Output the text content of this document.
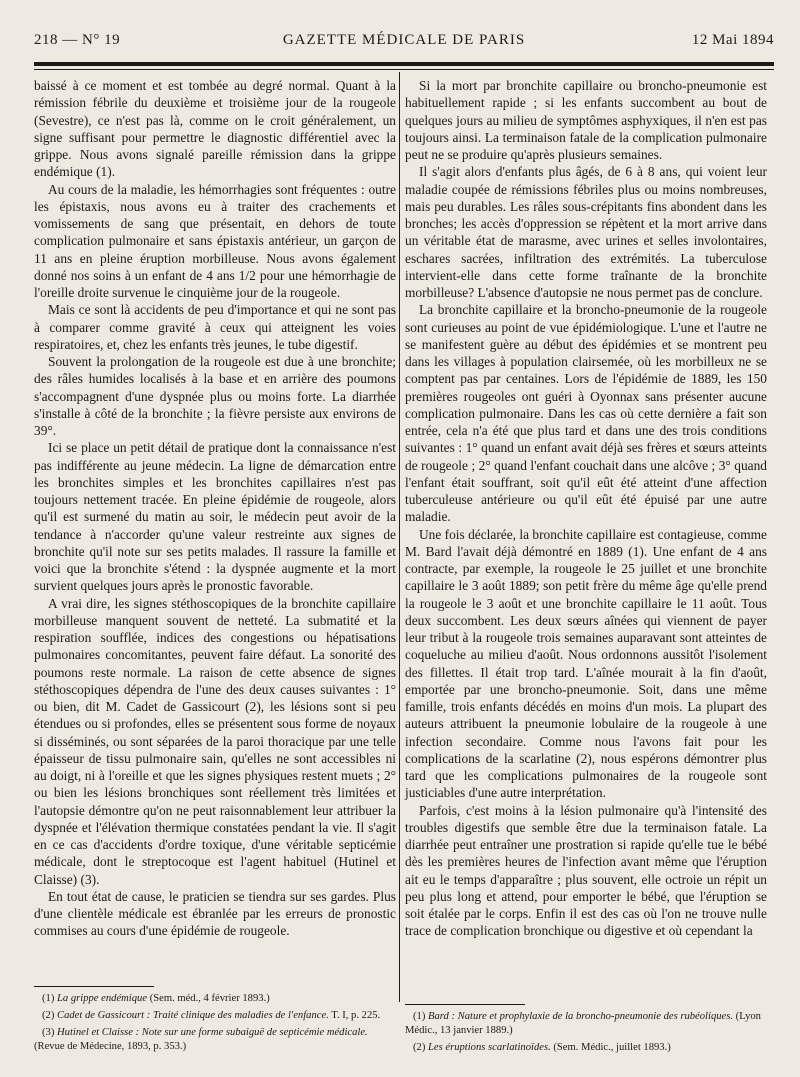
218 — N° 19	GAZETTE MÉDICALE DE PARIS	12 Mai 1894

baissé à ce moment et est tombée au degré normal. Quant à la rémission fébrile du deuxième et troisième jour de la rougeole (Sevestre), ce n'est pas là, comme on le croit généralement, un signe suffisant pour permettre le diagnostic différentiel avec la grippe. Nous avons signalé pareille rémission dans la grippe endémique (1).

Au cours de la maladie, les hémorrhagies sont fréquentes : outre les épistaxis, nous avons eu à traiter des crachements et vomissements de sang que présentait, en dehors de toute complication pulmonaire et sans épistaxis antérieur, un garçon de 11 ans en pleine éruption morbilleuse. Nous avons également donné nos soins à un enfant de 4 ans 1/2 pour une hémorrhagie de l'oreille droite survenue le cinquième jour de la rougeole.

Mais ce sont là accidents de peu d'importance et qui ne sont pas à comparer comme gravité à ceux qui atteignent les voies respiratoires, et, chez les enfants très jeunes, le tube digestif.

Souvent la prolongation de la rougeole est due à une bronchite; des râles humides localisés à la base et en arrière des poumons s'accompagnent d'une dyspnée plus ou moins forte. La diarrhée s'installe à côté de la bronchite ; la fièvre persiste aux environs de 39°.

Ici se place un petit détail de pratique dont la connaissance n'est pas indifférente au jeune médecin. La ligne de démarcation entre les bronchites simples et les bronchites capillaires n'est pas toujours nettement tracée. En pleine épidémie de rougeole, alors qu'il est surmené du matin au soir, le médecin peut avoir de la tendance à n'accorder qu'une valeur restreinte aux signes de bronchite qu'il note sur ses petits malades. Il rassure la famille et voici que la bronchite s'étend : la dyspnée augmente et la mort survient quelques jours après le pronostic favorable.

A vrai dire, les signes stéthoscopiques de la bronchite capillaire morbilleuse manquent souvent de netteté. La submatité et la respiration soufflée, indices des congestions ou hépatisations pulmonaires concomitantes, peuvent faire défaut. La sonorité des poumons reste normale. La raison de cette absence de signes stéthoscopiques dépendra de l'une des deux causes suivantes : 1° ou bien, dit M. Cadet de Gassicourt (2), les lésions sont si peu étendues ou si profondes, elles se présentent sous forme de noyaux si disséminés, ou sont séparées de la paroi thoracique par une telle épaisseur de tissu pulmonaire sain, qu'elles ne sont accessibles ni au doigt, ni à l'oreille et que les signes physiques restent muets ; 2° ou bien les lésions bronchiques sont réellement très limitées et l'autopsie démontre qu'on ne peut raisonnablement leur attribuer la dyspnée et l'élévation thermique constatées pendant la vie. Il s'agit en ce cas d'accidents d'ordre toxique, d'une véritable septicémie médicale, dont le streptocoque est l'agent habituel (Hutinel et Claisse) (3).

En tout état de cause, le praticien se tiendra sur ses gardes. Plus d'une clientèle médicale est ébranlée par les erreurs de pronostic commises au cours d'une épidémie de rougeole.

Si la mort par bronchite capillaire ou broncho-pneumonie est habituellement rapide ; si les enfants succombent au bout de quelques jours au milieu de symptômes asphyxiques, il n'en est pas toujours ainsi. La terminaison fatale de la complication pulmonaire peut ne se produire qu'après plusieurs semaines.

Il s'agit alors d'enfants plus âgés, de 6 à 8 ans, qui voient leur maladie coupée de rémissions fébriles plus ou moins nombreuses, mais peu durables. Les râles sous-crépitants fins abondent dans les bronches; les accès d'oppression se répètent et la mort arrive dans un véritable état de marasme, avec urines et selles involontaires, eschares sacrées, infiltration des extrémités. La tuberculose intervient-elle dans cette forme traînante de la bronchite morbilleuse? L'absence d'autopsie ne nous permet pas de conclure.

La bronchite capillaire et la broncho-pneumonie de la rougeole sont curieuses au point de vue épidémiologique. L'une et l'autre ne se manifestent guère au début des épidémies et se montrent peu dans les villages à population clairsemée, où les morbilleux ne se comptent pas par centaines. Lors de l'épidémie de 1889, les 150 premières rougeoles ont guéri à Oyonnax sans présenter aucune complication pulmonaire. Dans les cas où cette dernière a fait son entrée, cela n'a été que plus tard et dans une des trois conditions suivantes : 1° quand un enfant avait déjà ses frères et sœurs atteints de rougeole ; 2° quand l'enfant couchait dans une alcôve ; 3° quand l'enfant était souffrant, soit qu'il eût été atteint d'une affection tuberculeuse antérieure ou qu'il eût été épuisé par une autre maladie.

Une fois déclarée, la bronchite capillaire est contagieuse, comme M. Bard l'avait déjà démontré en 1889 (1). Une enfant de 4 ans contracte, par exemple, la rougeole le 25 juillet et une bronchite capillaire le 3 août 1889; son petit frère du même âge qu'elle prend la rougeole le 3 août et une bronchite capillaire le 11 août. Tous deux succombent. Les deux sœurs aînées qui viennent de payer leur tribut à la rougeole trois semaines auparavant sont atteintes de coqueluche au milieu d'août. Nous ordonnons aussitôt l'isolement des fillettes. Il était trop tard. L'aînée mourait à la fin d'août, emportée par une broncho-pneumonie. Soit, dans une même famille, trois enfants décédés en moins d'un mois. La plupart des auteurs attribuent la pneumonie lobulaire de la rougeole à une infection secondaire. Comme nous l'avons fait pour les complications de la scarlatine (2), nous espérons démontrer plus tard que les complications pulmonaires de la rougeole sont justiciables d'une autre interprétation.

Parfois, c'est moins à la lésion pulmonaire qu'à l'intensité des troubles digestifs que semble être due la terminaison fatale. La diarrhée peut entraîner une prostration si rapide qu'elle tue le bébé dès les premières heures de l'infection avant même que l'éruption ait eu le temps d'apparaître ; plus souvent, elle octroie un répit un peu plus long et attend, pour emporter le bébé, que l'éruption se soit étalée par le corps. Enfin il est des cas où l'on ne trouve nulle trace de complication bronchique ou digestive et où cependant la

(1) La grippe endémique (Sem. méd., 4 février 1893.)
(2) Cadet de Gassicourt : Traité clinique des maladies de l'enfance. T. I, p. 225.
(3) Hutinel et Claisse : Note sur une forme subaiguë de septicémie médicale. (Revue de Médecine, 1893, p. 353.)
(1) Bard : Nature et prophylaxie de la broncho-pneumonie des rubéoliques. (Lyon Médic., 13 janvier 1889.)
(2) Les éruptions scarlatinoïdes. (Sem. Médic., juillet 1893.)
